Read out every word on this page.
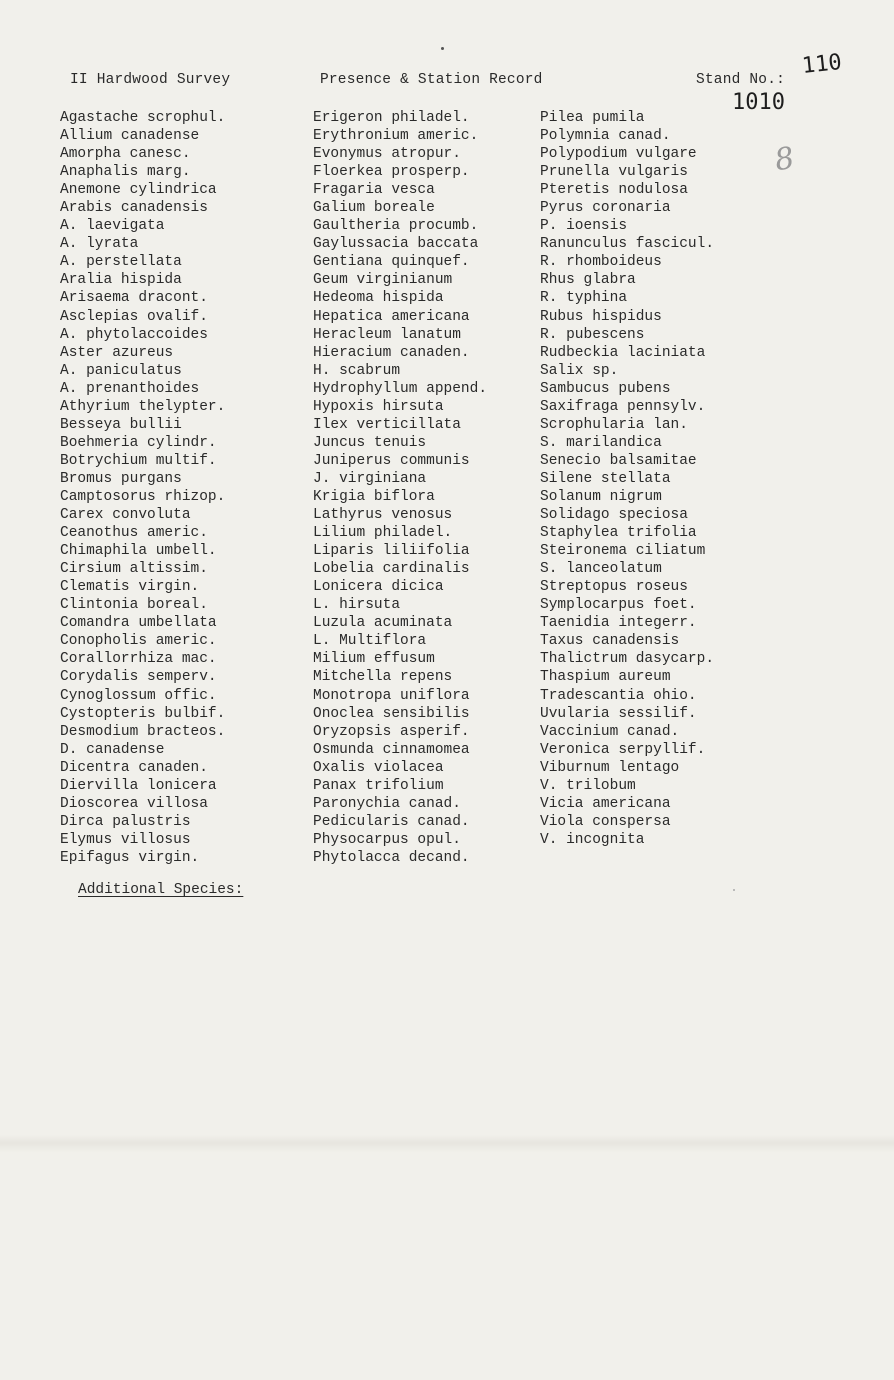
II Hardwood Survey	Presence & Station Record	Stand No.:
110
1010
8
Agastache scrophul.
Allium canadense
Amorpha canesc.
Anaphalis marg.
Anemone cylindrica
Arabis canadensis
A. laevigata
A. lyrata
A. perstellata
Aralia hispida
Arisaema dracont.
Asclepias ovalif.
A. phytolaccoides
Aster azureus
A. paniculatus
A. prenanthoides
Athyrium thelypter.
Besseya bullii
Boehmeria cylindr.
Botrychium multif.
Bromus purgans
Camptosorus rhizop.
Carex convoluta
Ceanothus americ.
Chimaphila umbell.
Cirsium altissim.
Clematis virgin.
Clintonia boreal.
Comandra umbellata
Conopholis americ.
Corallorrhiza mac.
Corydalis semperv.
Cynoglossum offic.
Cystopteris bulbif.
Desmodium bracteos.
D. canadense
Dicentra canaden.
Diervilla lonicera
Dioscorea villosa
Dirca palustris
Elymus villosus
Epifagus virgin.
Erigeron philadel.
Erythronium americ.
Evonymus atropur.
Floerkea prosperp.
Fragaria vesca
Galium boreale
Gaultheria procumb.
Gaylussacia baccata
Gentiana quinquef.
Geum virginianum
Hedeoma hispida
Hepatica americana
Heracleum lanatum
Hieracium canaden.
H. scabrum
Hydrophyllum append.
Hypoxis hirsuta
Ilex verticillata
Juncus tenuis
Juniperus communis
J. virginiana
Krigia biflora
Lathyrus venosus
Lilium philadel.
Liparis liliifolia
Lobelia cardinalis
Lonicera dicica
L. hirsuta
Luzula acuminata
L. Multiflora
Milium effusum
Mitchella repens
Monotropa uniflora
Onoclea sensibilis
Oryzopsis asperif.
Osmunda cinnamomea
Oxalis violacea
Panax trifolium
Paronychia canad.
Pedicularis canad.
Physocarpus opul.
Phytolacca decand.
Pilea pumila
Polymnia canad.
Polypodium vulgare
Prunella vulgaris
Pteretis nodulosa
Pyrus coronaria
P. ioensis
Ranunculus fascicul.
R. rhomboideus
Rhus glabra
R. typhina
Rubus hispidus
R. pubescens
Rudbeckia laciniata
Salix sp.
Sambucus pubens
Saxifraga pennsylv.
Scrophularia lan.
S. marilandica
Senecio balsamitae
Silene stellata
Solanum nigrum
Solidago speciosa
Staphylea trifolia
Steironema ciliatum
S. lanceolatum
Streptopus roseus
Symplocarpus foet.
Taenidia integerr.
Taxus canadensis
Thalictrum dasycarp.
Thaspium aureum
Tradescantia ohio.
Uvularia sessilif.
Vaccinium canad.
Veronica serpyllif.
Viburnum lentago
V. trilobum
Vicia americana
Viola conspersa
V. incognita
Additional Species:
